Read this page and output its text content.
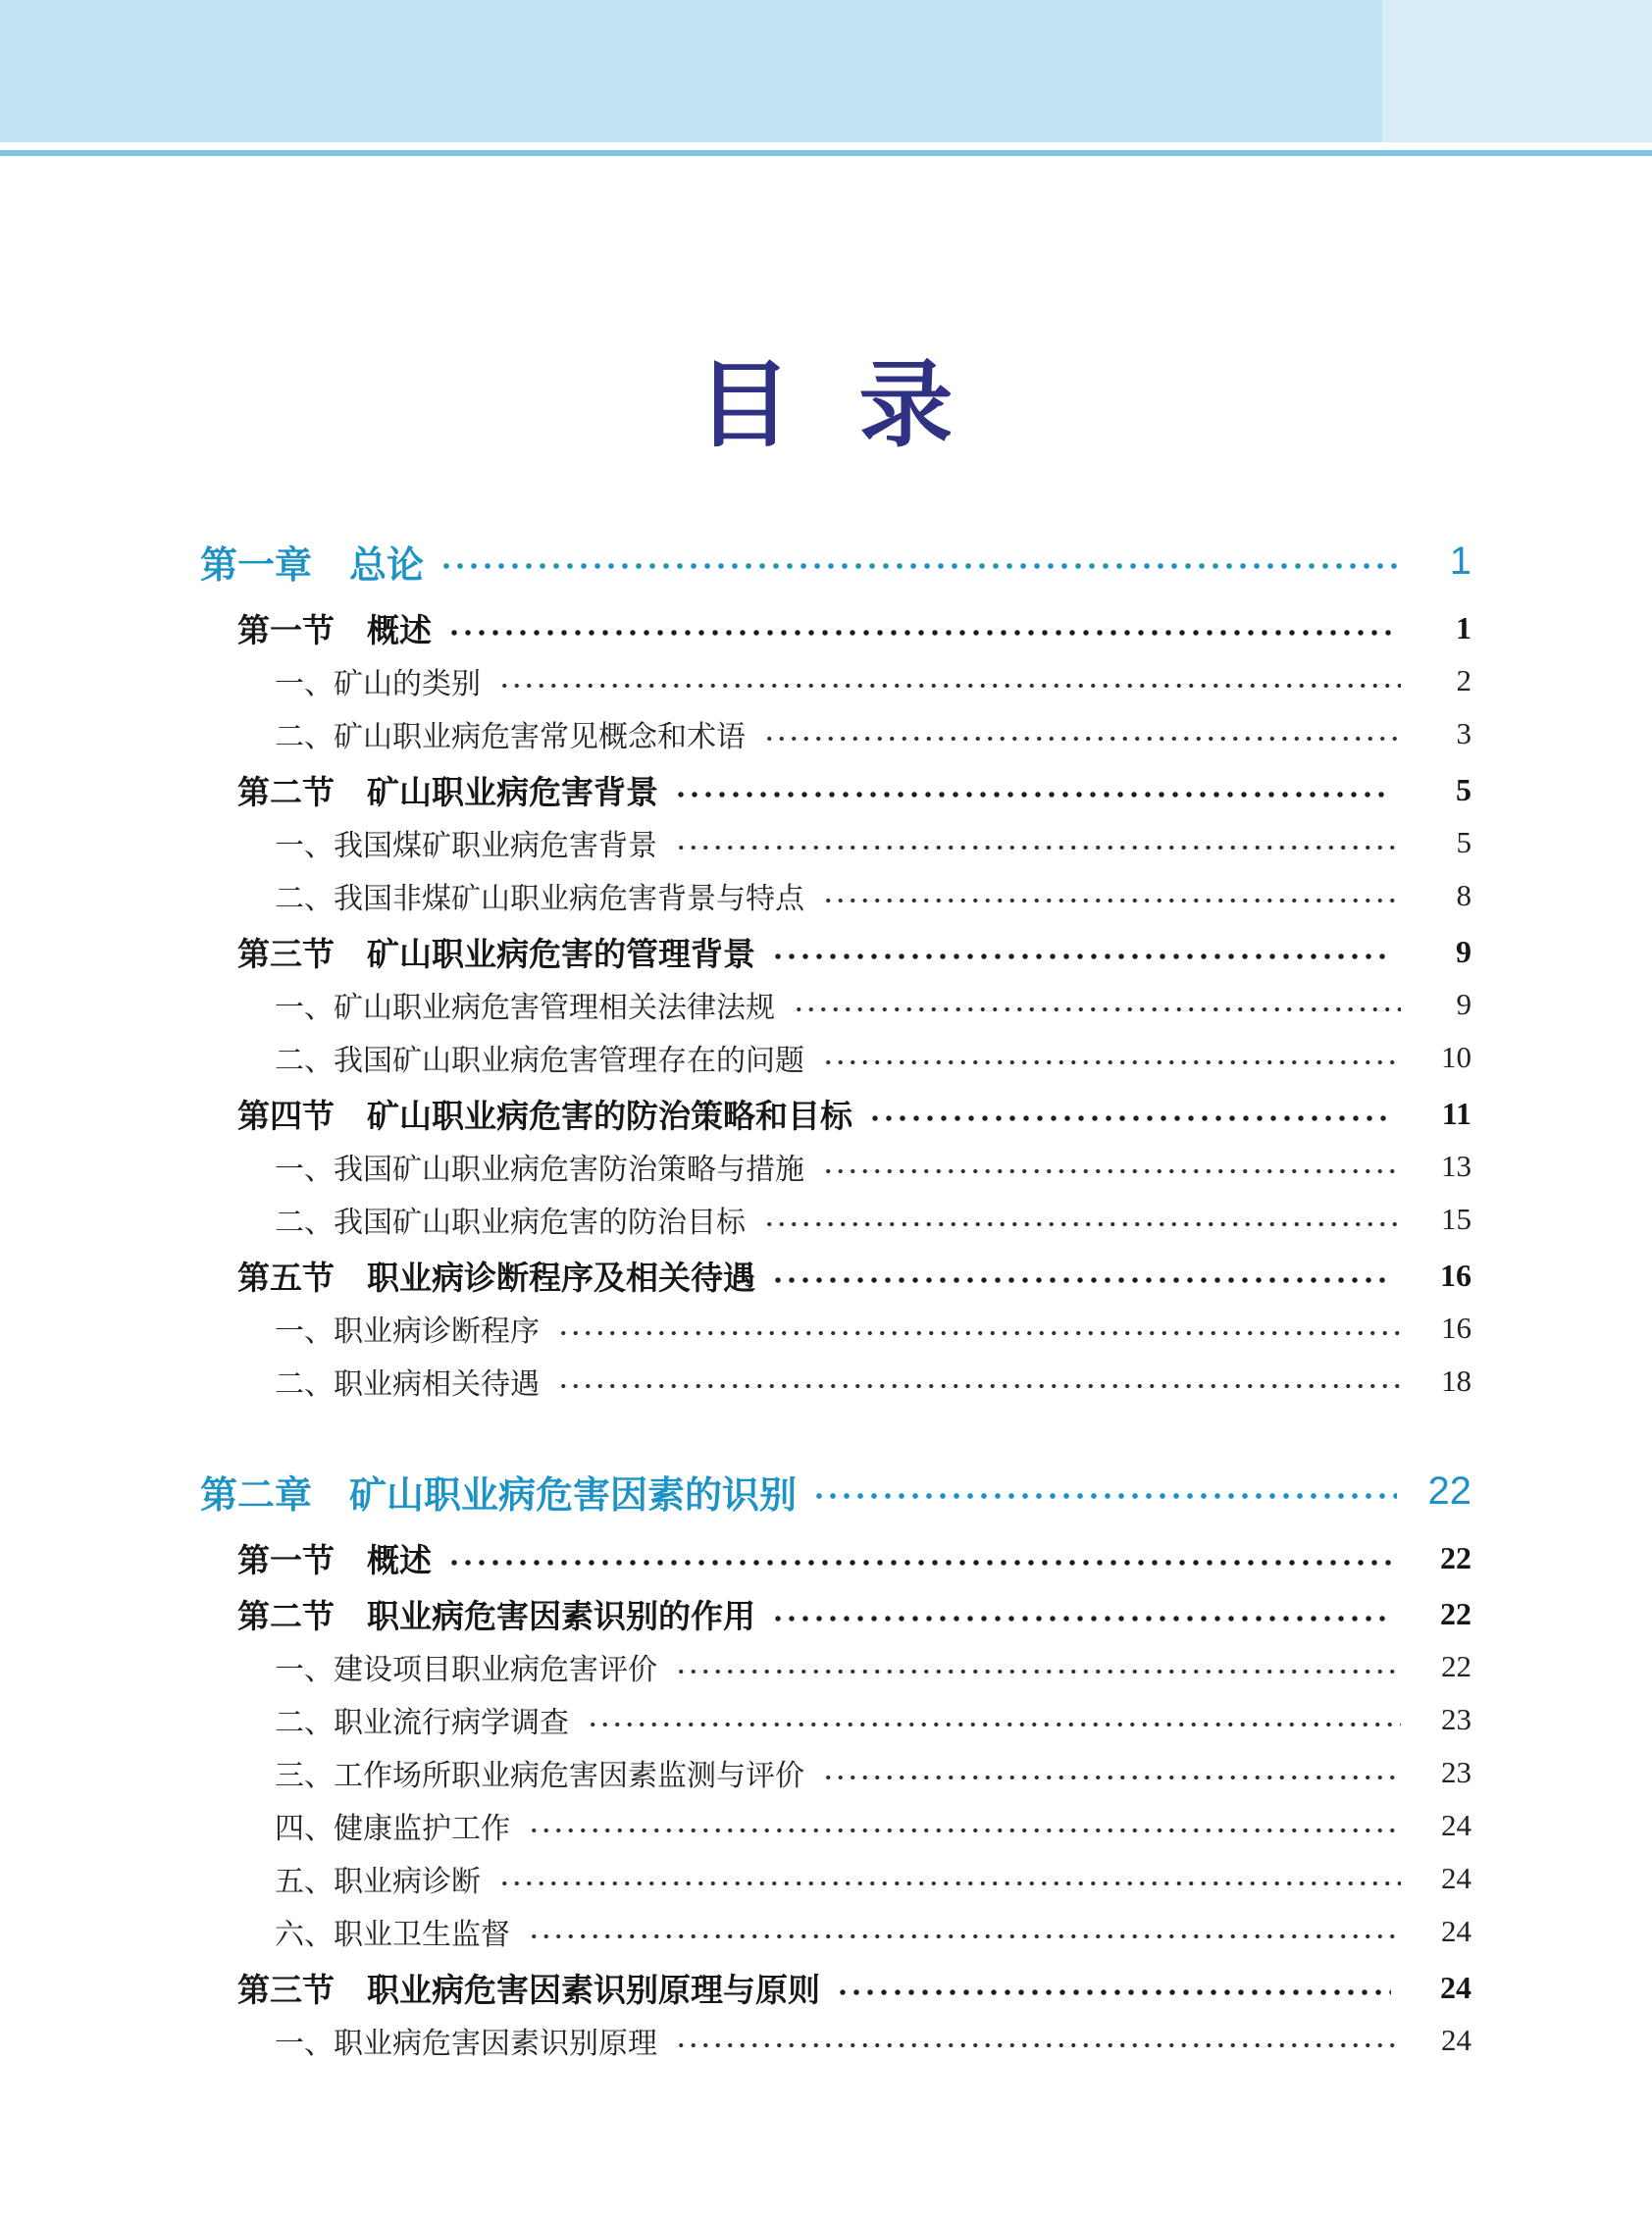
目 录
第一章　总论	1
第一节　概述	1
一、矿山的类别	2
二、矿山职业病危害常见概念和术语	3
第二节　矿山职业病危害背景	5
一、我国煤矿职业病危害背景	5
二、我国非煤矿山职业病危害背景与特点	8
第三节　矿山职业病危害的管理背景	9
一、矿山职业病危害管理相关法律法规	9
二、我国矿山职业病危害管理存在的问题	10
第四节　矿山职业病危害的防治策略和目标	11
一、我国矿山职业病危害防治策略与措施	13
二、我国矿山职业病危害的防治目标	15
第五节　职业病诊断程序及相关待遇	16
一、职业病诊断程序	16
二、职业病相关待遇	18
第二章　矿山职业病危害因素的识别	22
第一节　概述	22
第二节　职业病危害因素识别的作用	22
一、建设项目职业病危害评价	22
二、职业流行病学调查	23
三、工作场所职业病危害因素监测与评价	23
四、健康监护工作	24
五、职业病诊断	24
六、职业卫生监督	24
第三节　职业病危害因素识别原理与原则	24
一、职业病危害因素识别原理	24
